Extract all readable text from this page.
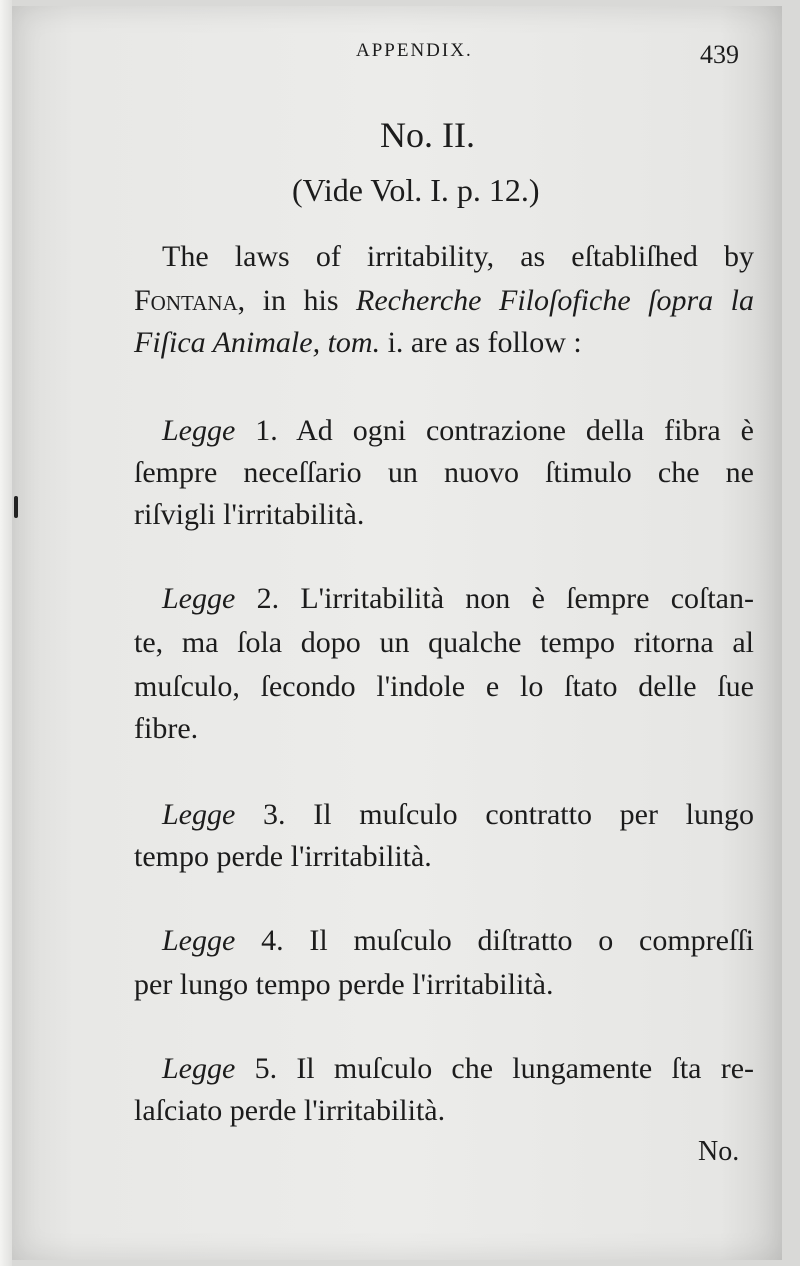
APPENDIX.	439
No. II.
(Vide Vol. I. p. 12.)
The laws of irritability, as eſtabliſhed by
Fontana, in his Recherche Filoſofiche ſopra la
Fiſica Animale, tom. i. are as follow :
Legge 1. Ad ogni contrazione della fibra è
ſempre neceſſario un nuovo ſtimulo che ne
riſvigli l'irritabilità.
Legge 2. L'irritabilità non è ſempre coſtan-
te, ma ſola dopo un qualche tempo ritorna al
muſculo, ſecondo l'indole e lo ſtato delle ſue
fibre.
Legge 3. Il muſculo contratto per lungo
tempo perde l'irritabilità.
Legge 4. Il muſculo diſtratto o compreſſi
per lungo tempo perde l'irritabilità.
Legge 5. Il muſculo che lungamente ſta re-
laſciato perde l'irritabilità.
No.
